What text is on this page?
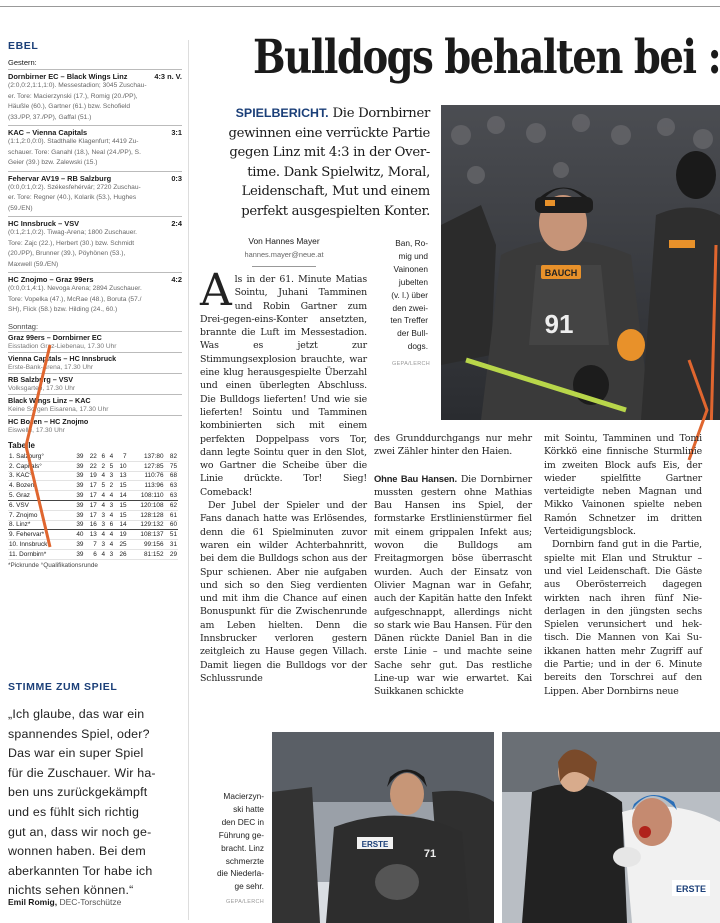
EBEL
Gestern:
Dornbirner EC – Black Wings Linz	4:3 n. V.
(2:0,0:2,1:1,1:0). Messestadion; 3045 Zuschau-
er. Tore: Macierzynski (17.), Romig (20./PP),
Häußle (60.), Gartner (61.) bzw. Schofield
(33./PP, 37./PP), Gaffal (51.)
KAC – Vienna Capitals	3:1
(1:1,2:0,0:0). Stadthalle Klagenfurt; 4419 Zu-
schauer. Tore: Ganahl (18.), Neal (24./PP), S.
Geier (39.) bzw. Zalewski (15.)
Fehervar AV19 – RB Salzburg	0:3
(0:0,0:1,0:2). Székesfehérvár; 2720 Zuschau-
er. Tore: Regner (40.), Kolarik (53.), Hughes
(59./EN)
HC Innsbruck – VSV	2:4
(0:1,2:1,0:2). Tiwag-Arena; 1800 Zuschauer.
Tore: Zajc (22.), Herbert (30.) bzw. Schmidt
(20./PP), Brunner (39.), Pöyhönen (53.),
Maxwell (59./EN)
HC Znojmo – Graz 99ers	4:2
(0:0,0:1,4:1). Nevoga Arena; 2894 Zuschauer.
Tore: Vopelka (47.), McRae (48.), Boruta (57./
SH), Flick (58.) bzw. Hilding (24., 60.)
Sonntag:
Graz 99ers – Dornbirner EC
Eisstadion Graz-Liebenau, 17.30 Uhr
Vienna Capitals – HC Innsbruck
Erste-Bank-Arena, 17.30 Uhr
RB Salzburg – VSV
Volksgarten, 17.30 Uhr
Black Wings Linz – KAC
Keine Sorgen Eisarena, 17.30 Uhr
HC Bozen – HC Znojmo
Eiswelle, 17.30 Uhr
Tabelle
1. Salzburg°	39	22	6	4	7	137:80	82
2. Capitals°	39	22	2	5	10	127:85	75
3. KAC°	39	19	4	3	13	110:76	68
4. Bozen	39	17	5	2	15	113:96	63
5. Graz	39	17	4	4	14	108:110	63
6. VSV	39	17	4	3	15	120:108	62
7. Znojmo	39	17	3	4	15	128:128	61
8. Linz*	39	16	3	6	14	129:132	60
9. Fehervar*	40	13	4	4	19	108:137	51
10. Innsbruck*	39	7	3	4	25	99:156	31
11. Dornbirn*	39	6	4	3	26	81:152	29
*Pickrunde °Qualifikationsrunde
STIMME ZUM SPIEL
„Ich glaube, das war ein
spannendes Spiel, oder?
Das war ein super Spiel
für die Zuschauer. Wir ha-
ben uns zurückgekämpft
und es fühlt sich richtig
gut an, dass wir noch ge-
wonnen haben. Bei dem
aberkannten Tor habe ich
nichts sehen können.“
Emil Romig, DEC-Torschütze
Bulldogs behalten bei :
SPIELBERICHT. Die Dornbirner
gewinnen eine verrückte Partie
gegen Linz mit 4:3 in der Over-
time. Dank Spielwitz, Moral,
Leidenschaft, Mut und einem
perfekt ausgespielten Konter.
Von Hannes Mayer
hannes.mayer@neue.at
Ban, Ro-
mig und
Vainonen
jubelten
(v. l.) über
den zwei-
ten Treffer
der Bull-
dogs.
GEPA/LERCH
BAUCH
91

Als in der 61. Minute Matias Sointu, Juhani Tamminen und Robin Gartner zum Drei-gegen-eins-Konter ansetzten, brannte die Luft im Messestadion. Was es jetzt zur Stimmungsexplosion brauchte, war eine klug herausgespielte Überzahl und einen überlegten Abschluss. Die Bulldogs lieferten! Und wie sie lieferten! Sointu und Tamminen kombinierten sich mit einem perfekten Doppelpass vors Tor, dann legte Sointu quer in den Slot, wo Gartner die Scheibe über die Linie drückte. Tor! Sieg! Comeback!

Der Jubel der Spieler und der Fans danach hatte was Erlösendes, denn die 61 Spielminuten zuvor waren ein wilder Achterbahnritt, bei dem die Bulldogs schon aus der Spur schienen. Aber nie aufgaben und sich so den Sieg verdienten und mit ihm die Chance auf einen Bonuspunkt für die Zwischenrunde am Leben hielten. Denn die Innsbrucker verloren gestern zeitgleich zu Hause gegen Villach. Damit liegen die Bulldogs vor der Schlussrunde

des Grunddurchgangs nur mehr zwei Zähler hinter den Haien.

Ohne Bau Hansen. Die Dornbirner mussten gestern ohne Mathias Bau Hansen ins Spiel, der formstarke Erstlinienstürmer fiel mit einem grippalen Infekt aus; wovon die Bulldogs am Freitagmorgen böse überrascht wurden. Auch der Einsatz von Olivier Magnan war in Gefahr, auch der Kapitän hatte den Infekt aufgeschnappt, allerdings nicht so stark wie Bau Hansen. Für den Dänen rückte Daniel Ban in die erste Linie – und machte seine Sache sehr gut. Das restliche Line-up war wie erwartet. Kai Suikkanen schickte

mit Sointu, Tamminen und Tomi Körkkö eine finnische Sturmlinie im zweiten Block aufs Eis, der wieder spielfitte Gartner verteidigte neben Magnan und Mikko Vainonen spielte neben Ramón Schnetzer im dritten Verteidigungsblock.

Dornbirn fand gut in die Partie, spielte mit Elan und Struktur – und viel Leidenschaft. Die Gäste aus Oberösterreich dagegen wirkten nach ihren fünf Niederlagen in den jüngsten sechs Spielen verunsichert und hektisch. Die Mannen von Kai Suikkanen hatten mehr Zugriff auf die Partie; und in der 6. Minute bereits den Torschrei auf den Lippen. Aber Dornbirns neue

Macierzyn-
ski hatte
den DEC in
Führung ge-
bracht. Linz
schmerzte
die Niederla-
ge sehr.
GEPA/LERCH
ERSTE
71
ERSTE
